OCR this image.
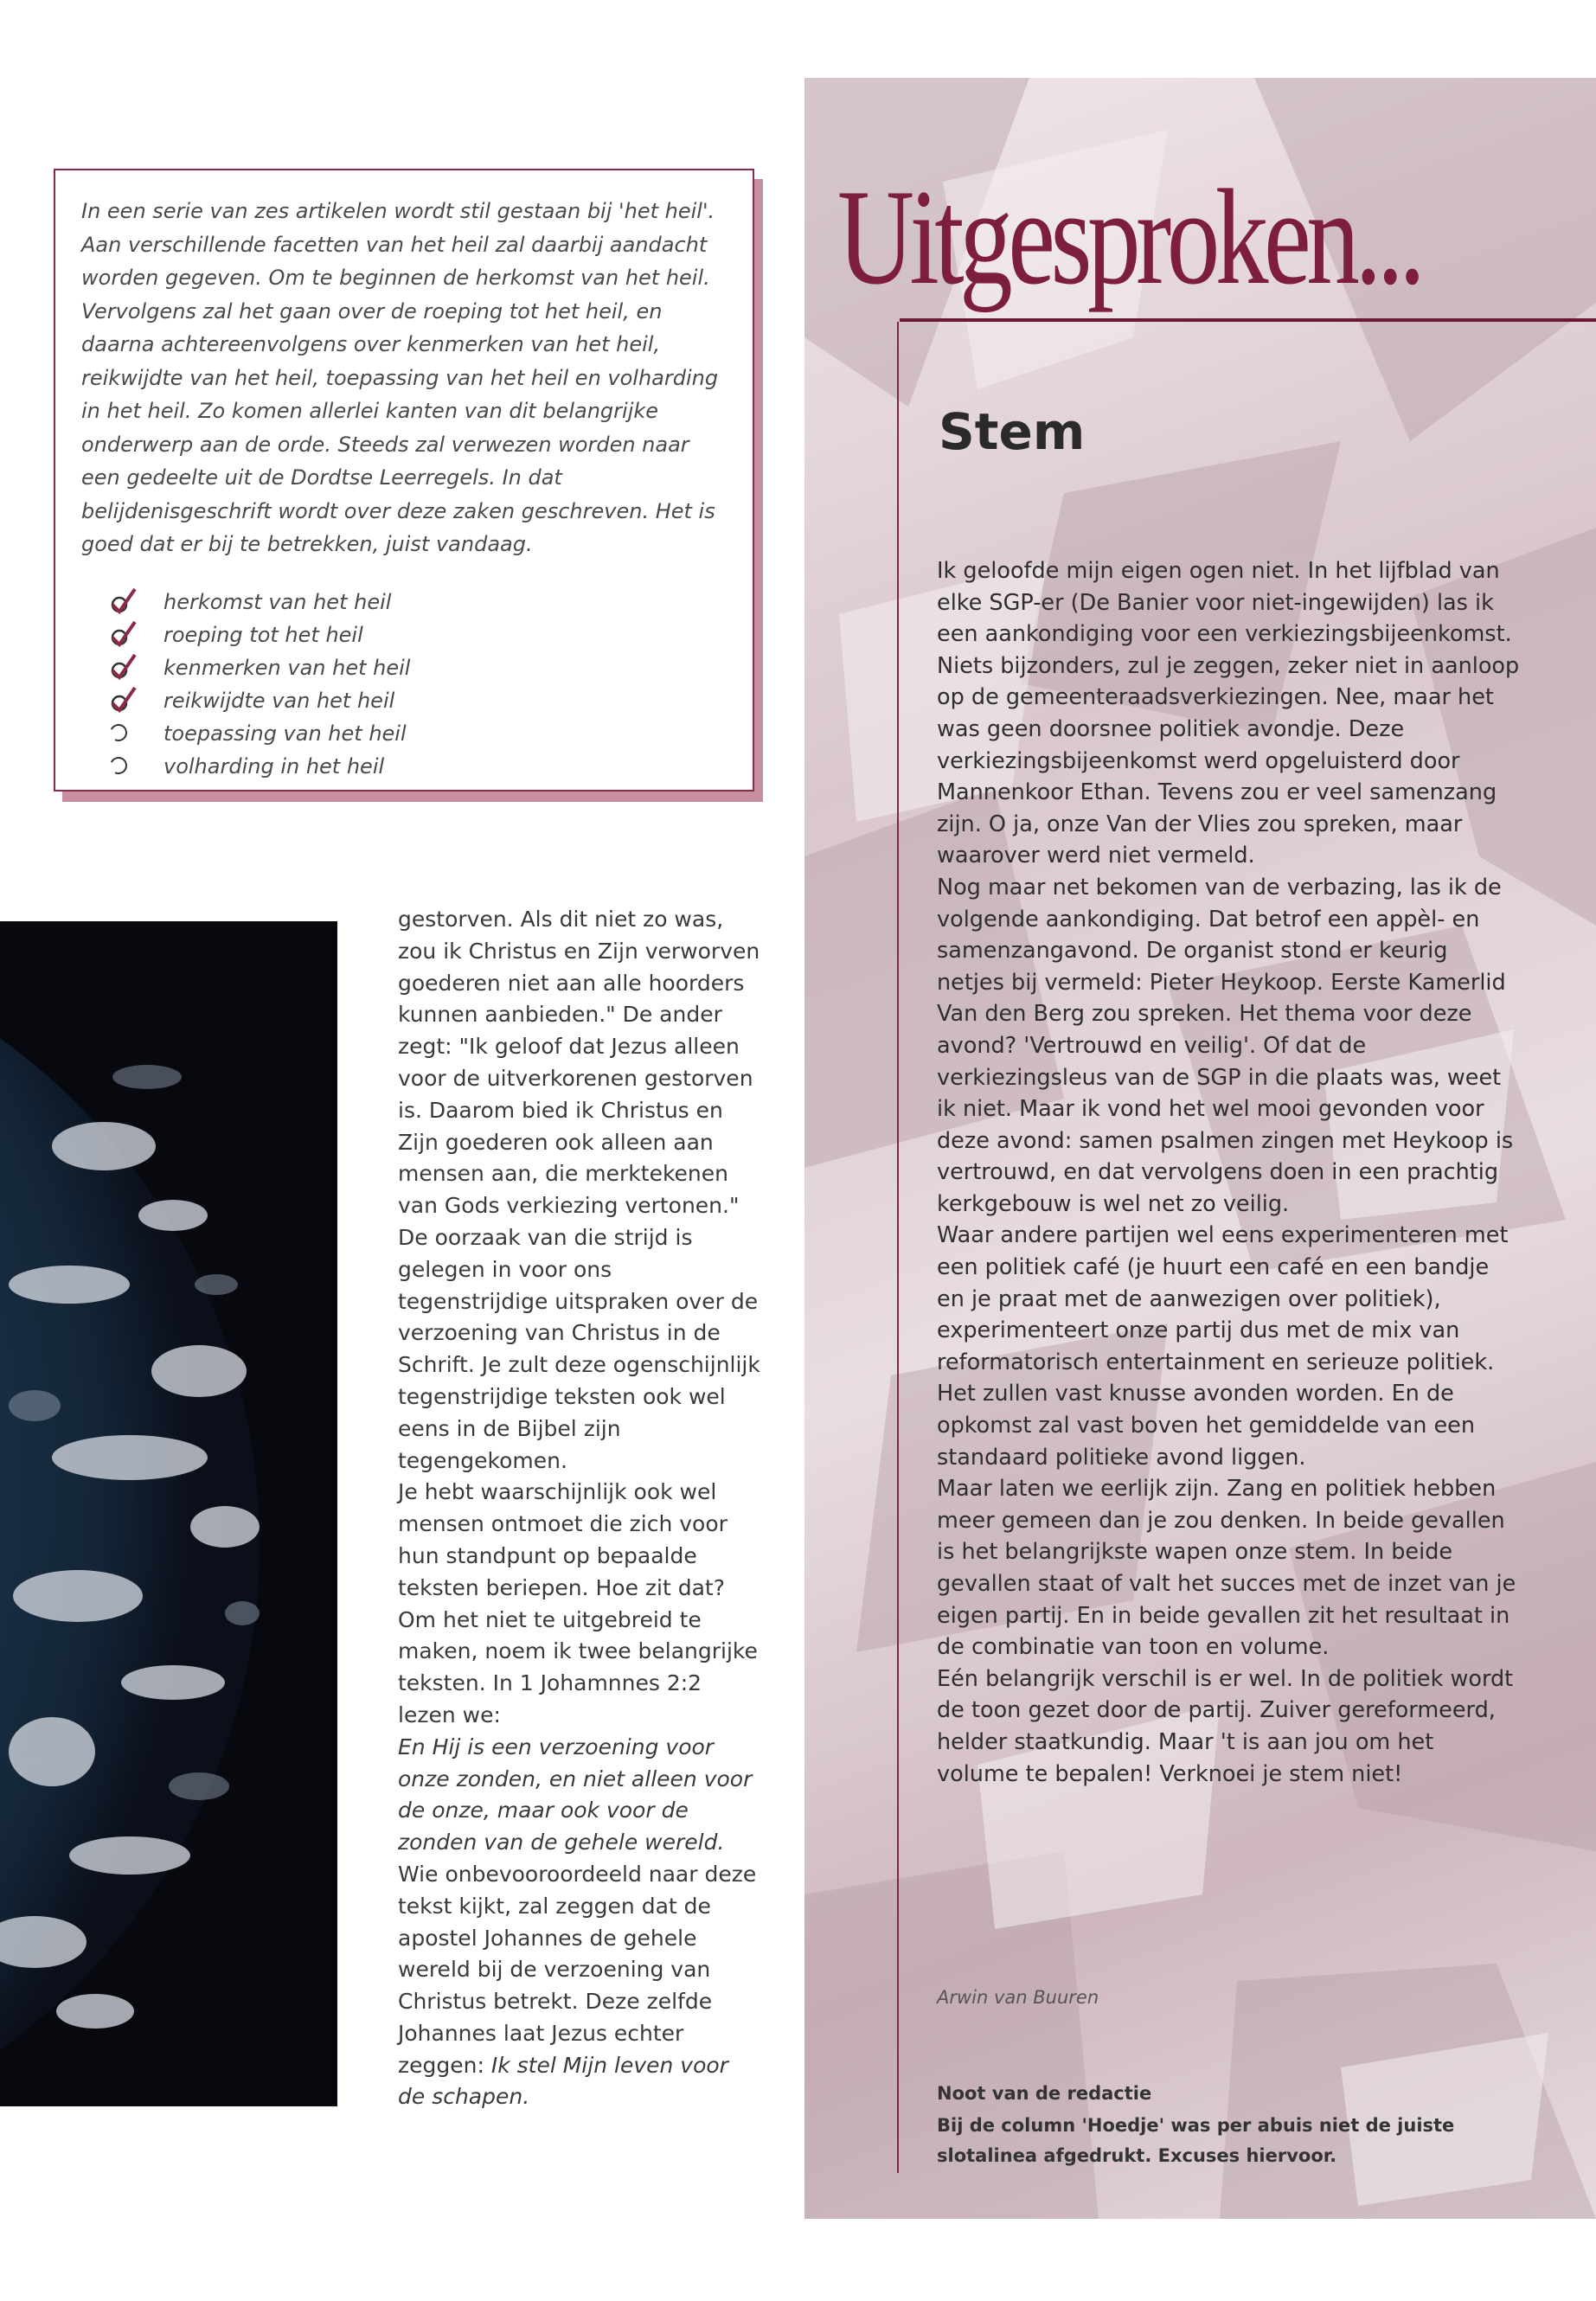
In een serie van zes artikelen wordt stil gestaan bij 'het heil'. Aan verschillende facetten van het heil zal daarbij aandacht worden gegeven. Om te beginnen de herkomst van het heil. Vervolgens zal het gaan over de roeping tot het heil, en daarna achtereenvolgens over kenmerken van het heil, reikwijdte van het heil, toepassing van het heil en volharding in het heil. Zo komen allerlei kanten van dit belangrijke onderwerp aan de orde. Steeds zal verwezen worden naar een gedeelte uit de Dordtse Leerregels. In dat belijdenisgeschrift wordt over deze zaken geschreven. Het is goed dat er bij te betrekken, juist vandaag.

herkomst van het heil
roeping tot het heil
kenmerken van het heil
reikwijdte van het heil
toepassing van het heil
volharding in het heil

gestorven. Als dit niet zo was, zou ik Christus en Zijn verworven goederen niet aan alle hoorders kunnen aanbieden." De ander zegt: "Ik geloof dat Jezus alleen voor de uitverkorenen gestorven is. Daarom bied ik Christus en Zijn goederen ook alleen aan mensen aan, die merktekenen van Gods verkiezing vertonen."

De oorzaak van die strijd is gelegen in voor ons tegenstrijdige uitspraken over de verzoening van Christus in de Schrift. Je zult deze ogenschijnlijk tegenstrijdige teksten ook wel eens in de Bijbel zijn tegengekomen.

Je hebt waarschijnlijk ook wel mensen ontmoet die zich voor hun standpunt op bepaalde teksten beriepen. Hoe zit dat? Om het niet te uitgebreid te maken, noem ik twee belangrijke teksten. In 1 Johamnnes 2:2 lezen we:

En Hij is een verzoening voor onze zonden, en niet alleen voor de onze, maar ook voor de zonden van de gehele wereld.

Wie onbevooroordeeld naar deze tekst kijkt, zal zeggen dat de apostel Johannes de gehele wereld bij de verzoening van Christus betrekt. Deze zelfde Johannes laat Jezus echter zeggen: Ik stel Mijn leven voor de schapen.

Uitgesproken...
Stem

Ik geloofde mijn eigen ogen niet. In het lijfblad van elke SGP-er (De Banier voor niet-ingewijden) las ik een aankondiging voor een verkiezingsbijeenkomst. Niets bijzonders, zul je zeggen, zeker niet in aanloop op de gemeenteraadsverkiezingen. Nee, maar het was geen doorsnee politiek avondje. Deze verkiezingsbijeenkomst werd opgeluisterd door Mannenkoor Ethan. Tevens zou er veel samenzang zijn. O ja, onze Van der Vlies zou spreken, maar waarover werd niet vermeld.

Nog maar net bekomen van de verbazing, las ik de volgende aankondiging. Dat betrof een appèl- en samenzangavond. De organist stond er keurig netjes bij vermeld: Pieter Heykoop. Eerste Kamerlid Van den Berg zou spreken. Het thema voor deze avond? 'Vertrouwd en veilig'. Of dat de verkiezingsleus van de SGP in die plaats was, weet ik niet. Maar ik vond het wel mooi gevonden voor deze avond: samen psalmen zingen met Heykoop is vertrouwd, en dat vervolgens doen in een prachtig kerkgebouw is wel net zo veilig.

Waar andere partijen wel eens experimenteren met een politiek café (je huurt een café en een bandje en je praat met de aanwezigen over politiek), experimenteert onze partij dus met de mix van reformatorisch entertainment en serieuze politiek. Het zullen vast knusse avonden worden. En de opkomst zal vast boven het gemiddelde van een standaard politieke avond liggen.

Maar laten we eerlijk zijn. Zang en politiek hebben meer gemeen dan je zou denken. In beide gevallen is het belangrijkste wapen onze stem. In beide gevallen staat of valt het succes met de inzet van je eigen partij. En in beide gevallen zit het resultaat in de combinatie van toon en volume.

Eén belangrijk verschil is er wel. In de politiek wordt de toon gezet door de partij. Zuiver gereformeerd, helder staatkundig. Maar 't is aan jou om het volume te bepalen! Verknoei je stem niet!

Arwin van Buuren
Noot van de redactie
Bij de column 'Hoedje' was per abuis niet de juiste slotalinea afgedrukt. Excuses hiervoor.
